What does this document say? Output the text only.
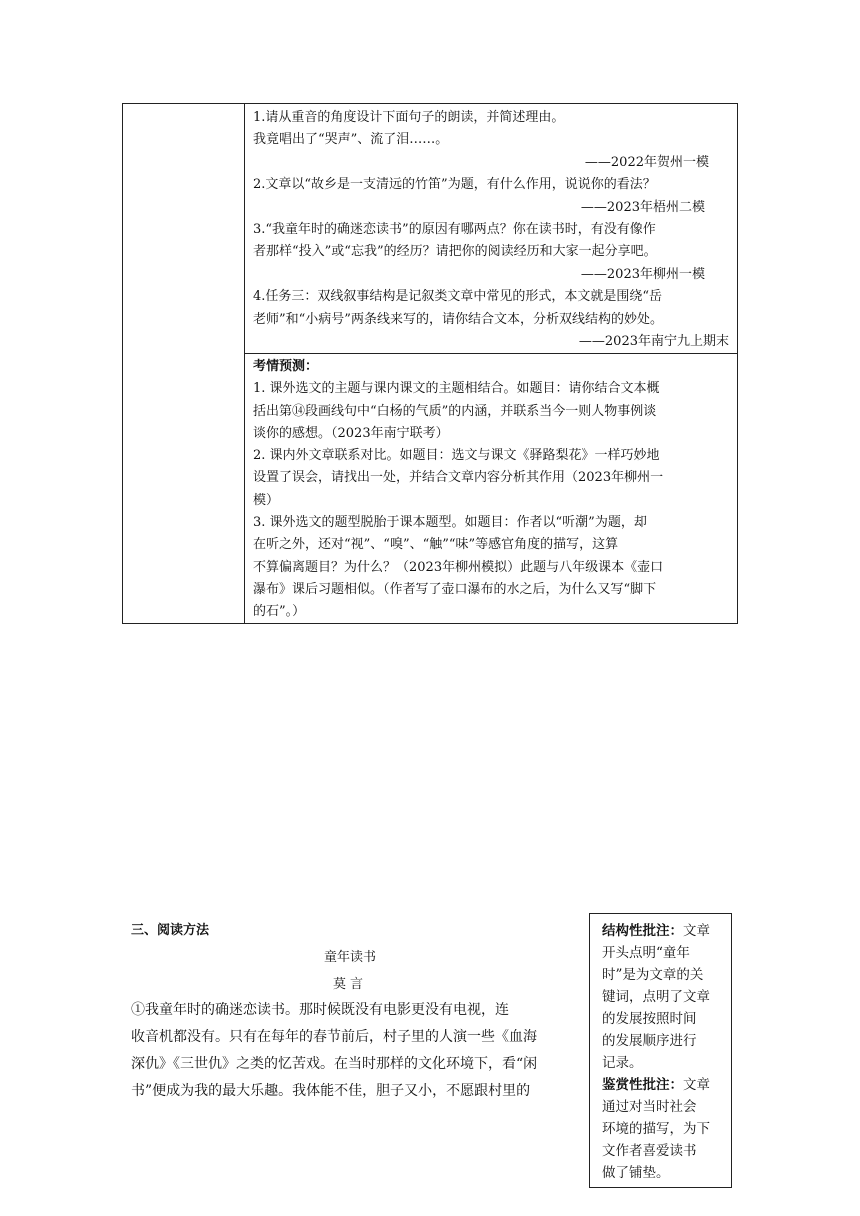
1.请从重音的角度设计下面句子的朗读，并简述理由。
我竟唱出了“哭声”、流了泪……。
——2022年贺州一模
2.文章以“故乡是一支清远的竹笛”为题，有什么作用，说说你的看法？
——2023年梧州二模
3.“我童年时的确迷恋读书”的原因有哪两点？你在读书时，有没有像作
者那样“投入”或“忘我”的经历？请把你的阅读经历和大家一起分享吧。
——2023年柳州一模
4.任务三：双线叙事结构是记叙类文章中常见的形式，本文就是围绕“岳
老师”和“小病号”两条线来写的，请你结合文本，分析双线结构的妙处。
——2023年南宁九上期末
考情预测：
1. 课外选文的主题与课内课文的主题相结合。如题目：请你结合文本概
括出第⑭段画线句中“白杨的气质”的内涵，并联系当今一则人物事例谈
谈你的感想。（2023年南宁联考）
2. 课内外文章联系对比。如题目：选文与课文《驿路梨花》一样巧妙地
设置了误会，请找出一处，并结合文章内容分析其作用（2023年柳州一
模）
3. 课外选文的题型脱胎于课本题型。如题目：作者以“听潮”为题，却
在听之外，还对“视”、“嗅”、“触”“味”等感官角度的描写，这算
不算偏离题目？为什么？（2023年柳州模拟）此题与八年级课本《壶口
瀑布》课后习题相似。（作者写了壶口瀑布的水之后，为什么又写“脚下
的石”。）
三、阅读方法
童年读书
莫言
①我童年时的确迷恋读书。那时候既没有电影更没有电视，连
收音机都没有。只有在每年的春节前后，村子里的人演一些《血海
深仇》《三世仇》之类的忆苦戏。在当时那样的文化环境下，看“闲
书”便成为我的最大乐趣。我体能不佳，胆子又小，不愿跟村里的
结构性批注：文章
开头点明“童年
时”是为文章的关
键词，点明了文章
的发展按照时间
的发展顺序进行
记录。
鉴赏性批注：文章
通过对当时社会
环境的描写，为下
文作者喜爱读书
做了铺垫。
